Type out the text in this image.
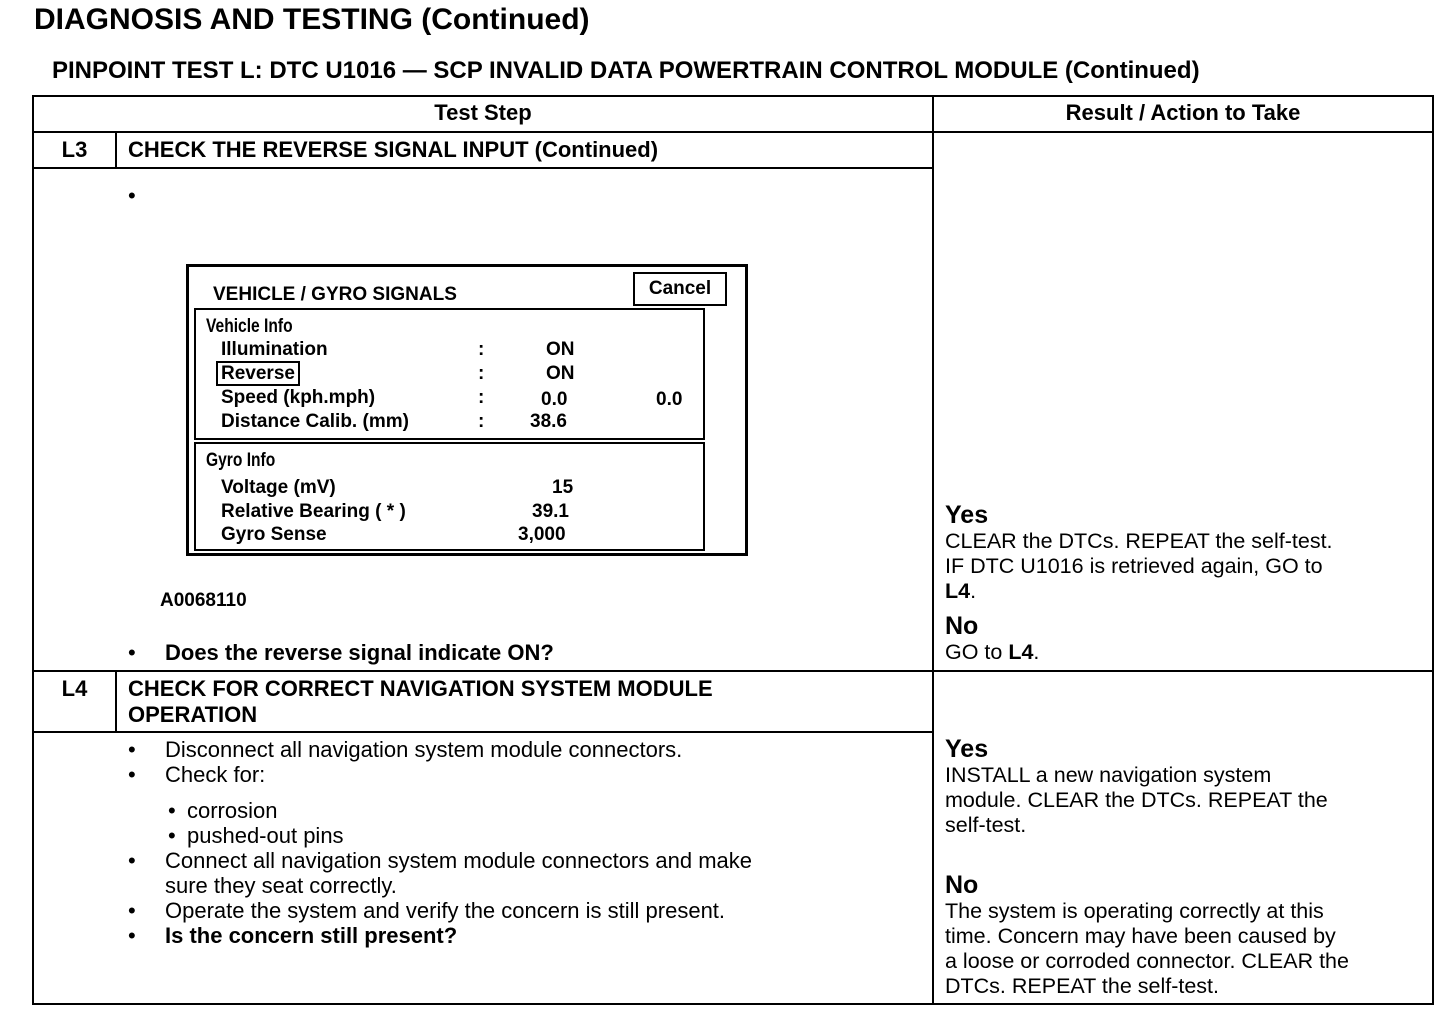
DIAGNOSIS AND TESTING (Continued)
PINPOINT TEST L: DTC U1016 — SCP INVALID DATA POWERTRAIN CONTROL MODULE (Continued)
Test Step	Result / Action to Take
L3	CHECK THE REVERSE SIGNAL INPUT (Continued)
•
VEHICLE / GYRO SIGNALS	Cancel
Vehicle Info
Illumination	:	ON
Reverse	:	ON
Speed (kph.mph)	:	0.0	0.0
Distance Calib. (mm)	: 38.6
Gyro Info
Voltage (mV)	15
Relative Bearing ( * )	39.1
Gyro Sense	3,000
A0068110
• Does the reverse signal indicate ON?
Yes
CLEAR the DTCs. REPEAT the self-test.
IF DTC U1016 is retrieved again, GO to
L4.
No
GO to L4.
L4	CHECK FOR CORRECT NAVIGATION SYSTEM MODULE
OPERATION
• Disconnect all navigation system module connectors.
• Check for:
• corrosion
• pushed-out pins
• Connect all navigation system module connectors and make
sure they seat correctly.
• Operate the system and verify the concern is still present.
• Is the concern still present?
Yes
INSTALL a new navigation system
module. CLEAR the DTCs. REPEAT the
self-test.
No
The system is operating correctly at this
time. Concern may have been caused by
a loose or corroded connector. CLEAR the
DTCs. REPEAT the self-test.
